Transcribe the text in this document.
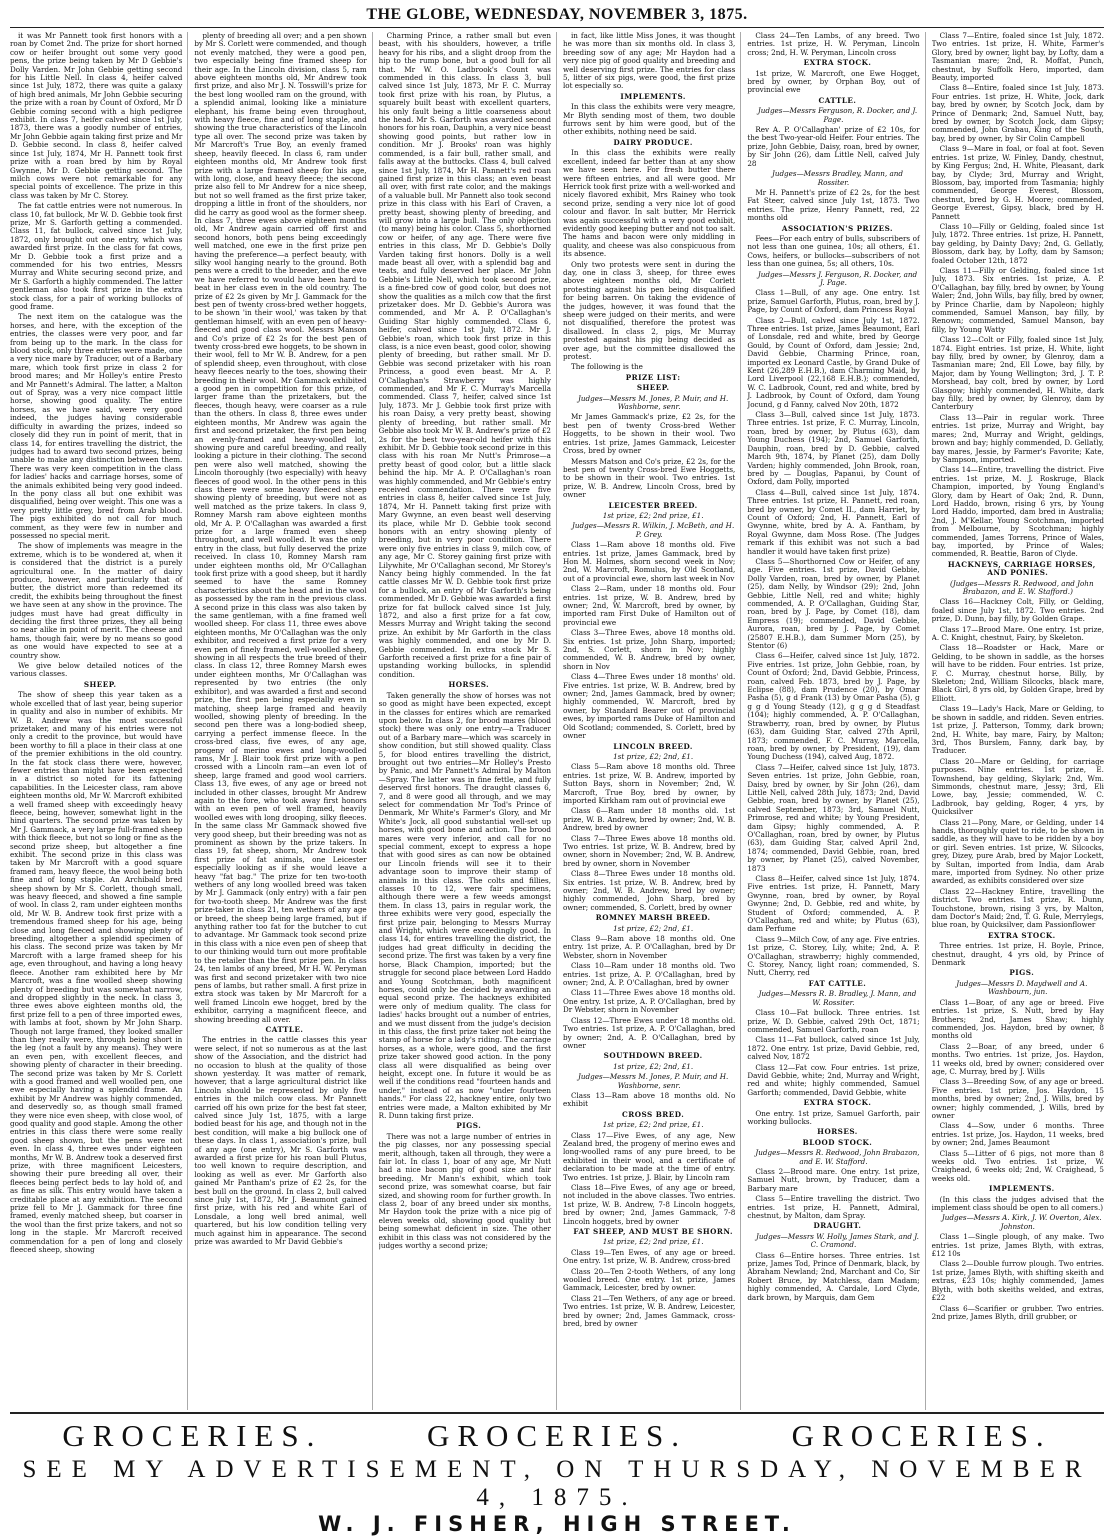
THE GLOBE, WEDNESDAY, NOVEMBER 3, 1875.

it was Mr Pannett took first honors with a roan by Comet 2nd. The prize for short horned cow or heifer brought out some very good pens, the prize being taken by Mr D Gebbie's Dolly Varden. Mr John Gebbie getting second for his Little Nell. In class 4, heifer calved since 1st July, 1872, there was quite a galaxy of high bred animals, Mr John Gebbie securing the prize with a roan by Count of Oxford, Mr D Gebbie coming second with a high pedigree exhibit. In class 7, heifer calved since 1st July, 1873, there was a goodly number of entries, Mr John Gebbie again taking first prize and Mr D. Gebbie second. In class 8, heifer calved since 1st July, 1874, Mr H. Pannett took first prize with a roan bred by him by Royal Gwynne, Mr D. Gebbie getting second. The milch cows were not remarkable for any special points of excellence. The prize in this class was taken by Mr C. Storey.

The fat cattle entries were not numerous. In class 10, fat bullock, Mr W. D. Gebbie took first prize, Mr S. Garforth getting a commended. Class 11, fat bullock, calved since 1st July, 1872, only brought out one entry, which was awarded first prize. In the class for fat cows, Mr D. Gebbie took a first prize and a commended for his two entries, Messrs Murray and White securing second prize, and Mr S. Garforth a highly commended. The latter gentleman also took first prize in the extra stock class, for a pair of working bullocks of good frame.

The next item on the catalogue was the horses, and here, with the exception of the entries, the classes were very poor, and far from being up to the mark. In the class for blood stock, only three entries were made, one a very nice mare by Traducer, out of a Barbary mare, which took first prize in class 2 for brood mares; and Mr Holley's entire Presto and Mr Pannett's Admiral. The latter, a Malton out of Spray, was a very nice compact little horse, showing good quality. The entire horses, as we have said, were very good indeed, the judges having considerable difficulty in awarding the prizes, indeed so closely did they run in point of merit, that in class 14, for entires travelling the district, the judges had to award two second prizes, being unable to make any distinction between them. There was very keen competition in the class for ladies' hacks and carriage horses, some of the animals exhibited being very good indeed. In the pony class all but one exhibit was disqualified, being over weight. This one was a very pretty little grey, bred from Arab blood. The pigs exhibited do not call for much comment, as they were few in number and possessed no special merit.

The show of implements was meagre in the extreme, which is to be wondered at, when it is considered that the district is a purely agricultural one. In the matter of dairy produce, however, and particularly that of butter, the district more than redeemed its credit, the exhibits being throughout the finest we have seen at any show in the province. The judges must have had great difficulty in deciding the first three prizes, they all being so near alike in point of merit. The cheese and hams, though fair, were by no means so good as one would have expected to see at a country show.

We give below detailed notices of the various classes.

SHEEP.

The show of sheep this year taken as a whole excelled that of last year, being superior in quality and also in number of exhibits. Mr W. B. Andrew was the most successful prizetaker, and many of his entries were not only a credit to the province, but would have been worthy to fill a place in their class at one of the premier exhibitions in the old country. In the fat stock class there were, however, fewer entries than might have been expected in a district so noted for its fattening capabilities. In the Leicester class, ram above eighteen months old, Mr W. Marcroft exhibited a well framed sheep with exceedingly heavy fleece, being, however, somewhat light in the hind quarters. The second prize was taken by Mr J. Gammack, a very large full-framed sheep with thick fleece, but not so long or fine as the second prize sheep, but altogether a fine exhibit. The second prize in this class was taken by Mr Marcroft with a good square framed ram, heavy fleece, the wool being both fine and of long staple. An Archibald bred sheep shown by Mr S. Corlett, though small, was heavy fleeced, and showed a fine sample of wool. In class 2, ram under eighteen months old, Mr W. B. Andrew took first prize with a tremendous framed sheep for his age, being close and long fleeced and showing plenty of breeding, altogether a splendid specimen of his class. The second prize was taken by Mr Marcroft with a large framed sheep for his age, even throughout, and having a long heavy fleece. Another ram exhibited here by Mr Marcroft, was a fine woolled sheep showing plenty of breeding but was somewhat narrow, and dropped slightly in the neck. In class 3, three ewes above eighteen months old, the first prize fell to a pen of three imported ewes, with lambs at foot, shown by Mr John Sharp. Though not large framed, they looked smaller than they really were, through being short in the leg (not a fault by any means). They were an even pen, with excellent fleeces, and showing plenty of character in their breeding. The second prize was taken by Mr S. Corlett with a good framed and well woolled pen, one ewe especially having a splendid frame. An exhibit by Mr Andrew was highly commended, and deservedly so, as though small framed they were nice even sheep, with close wool, of good quality and good staple. Among the other entries in this class there were some really good sheep shown, but the pens were not even. In class 4, three ewes under eighteen months, Mr W. B. Andrew took a deserved first prize, with three magnificent Leicesters, showing their pure breeding all over, their fleeces being perfect beds to lay hold of, and as fine as silk. This entry would have taken a creditable place at any exhibition. The second prize fell to Mr J. Gammack for three fine framed, evenly matched sheep, but coarser in the wool than the first prize takers, and not so long in the staple. Mr Marcroft received commendation for a pen of long and closely fleeced sheep, showing

plenty of breeding all over; and a pen shown by Mr S. Corlett were commended, and though not evenly matched, they were a good pen, two especially being fine framed sheep for their age. In the Lincoln division, class 5, ram above eighteen months old, Mr Andrew took first prize, and also Mr J. N. Tosswill's prize for the best long woolled ram on the ground, with a splendid animal, looking like a miniature elephant, his frame being even throughout, with heavy fleece, fine and of long staple, and showing the true characteristics of the Lincoln type all over. The second prize was taken by Mr Marcroft's True Boy, an evenly framed sheep, heavily fleeced. In class 6, ram under eighteen months old, Mr Andrew took first prize with a large framed sheep for his age, with long, close, and heavy fleece; the second prize also fell to Mr Andrew for a nice sheep, but not so well framed as the first prize taker, dropping a little in front of the shoulders, nor did he carry as good wool as the former sheep. In class 7, three ewes above eighteen months old, Mr Andrew again carried off first and second honors, both pens being exceedingly well matched, one ewe in the first prize pen having the preference—a perfect beauty, with silky wool hanging nearly to the ground. Both pens were a credit to the breeder, and the ewe we have referred to would have been hard to beat in her class even in the old country. The prize of £2 2s given by Mr J. Gammack for the best pen of twenty cross-bred wether hoggets, to be shown 'in their wool,' was taken by that gentleman himself, with an even pen of heavy-fleeced and good class wool. Messrs Manson and Co's prize of £2 2s for the best pen of twenty cross-bred ewe hoggets, to be shown in their wool, fell to Mr W. B. Andrew, for a pen of splendid sheep, even throughout, with close heavy fleeces nearly to the toes, showing their breeding in their wool. Mr Gammack exhibited a good pen in competition for this prize, of larger frame than the prizetakers, but the fleeces, though heavy, were coarser as a rule than the others. In class 8, three ewes under eighteen months, Mr Andrew was again the first and second prizetaker, the first pen being an evenly-framed and heavy-woolled lot, showing pure and careful breeding, and really looking a picture in their clothing. The second pen were also well matched, showing the Lincoln thoroughly (two especially) with heavy fleeces of good wool. In the other pens in this class there were some heavy fleeced sheep showing plenty of breeding, but were not as well matched as the prize takers. In class 9, Romney Marsh ram above eighteen months old, Mr A. P. O'Callaghan was awarded a first prize for a large framed even sheep throughout, and well woolled. It was the only entry in the class, but fully deserved the prize received. In class 10, Romney Marsh ram under eighteen months old, Mr O'Callaghan took first prize with a good sheep, but it hardly seemed to have the same Romney characteristics about the head and in the wool as possessed by the ram in the previous class. A second prize in this class was also taken by the same gentleman, with a fine framed well woolled sheep. For class 11, three ewes above eighteen months, Mr O'Callaghan was the only exhibitor, and received a first prize for a very even pen of finely framed, well-woolled sheep, showing in all respects the true breed of their class. In class 12, three Romney Marsh ewes under eighteen months, Mr O'Callaghan was represented by two entries (the only exhibitor), and was awarded a first and second prize, the first pen being especially even in matching, sheep large framed and heavily woolled, showing plenty of breeding. In the second pen there was a long-bodied sheep, carrying a perfect immense fleece. In the cross-bred class, five ewes, of any age, progeny of merino ewes and long-woolled rams, Mr J. Blair took first prize with a pen crossed with a Lincoln ram—an even lot of sheep, large framed and good wool carriers. Class 13, five ewes, of any age or breed not included in other classes, brought Mr Andrew again to the fore, who took away first honors with an even pen of well framed, heavily woolled ewes with long drooping, silky fleeces. In the same class Mr Gammack showed five very good sheep, but their breeding was not as prominent as shown by the prize takers. In class 19, fat sheep, shorn, Mr Andrew took first prize of fat animals, one Leicester especially looking as if she would leave a heavy "fat bag." The prize for ten two-tooth wethers of any long woolled breed was taken by Mr J. Gammack (only entry) with a fair pen for two-tooth sheep. Mr Andrew was the first prize-taker in class 21, ten wethers of any age or breed, the sheep being large framed, but if anything rather too fat for the butcher to cut to advantage. Mr Gammack took second prize in this class with a nice even pen of sheep that to our thinking would turn out more profitable to the retailer than the first prize pen. In class 24, ten lambs of any breed, Mr H. W. Peryman was first and second prizetaker with two nice pens of lambs, but rather small. A first prize in extra stock was taken by Mr Marcroft for a well framed Lincoln ewe hogget, bred by the exhibitor, carrying a magnificent fleece, and showing breeding all over.

CATTLE.

The entries in the cattle classes this year were select, if not so numerous as at the last show of the Association, and the district had no occasion to blush at the quality of those shown yesterday. It was matter of remark, however, that a large agricultural district like Lincoln should be represented by only five entries in the milch cow class. Mr Pannett carried off his own prize for the best fat steer, calved since July 1st, 1875, with a large bodied beast for his age, and though not in the best condition, will make a big bullock one of these days. In class 1, association's prize, bull of any age (one entry), Mr S. Garforth was awarded a first prize for his roan bull Plutus, too well known to require description, and looking as well as ever. Mr Garforth also gained Mr Pantham's prize of £2 2s, for the best bull on the ground. In class 2, bull calved since July 1st, 1872, Mr J. Beaumont gained first prize, with his red and white Earl of Lonsdale, a long well bred animal, well quartered, but his low condition telling very much against him in appearance. The second prize was awarded to Mr David Gebbie's

Charming Prince, a rather small but even beast, with his shoulders, however, a trifle heavy for his ribs, and a slight droop from the hip to the rump bone, but a good bull for all that. Mr W. O. Ladbrook's Count was commended in this class. In class 3, bull calved since 1st July, 1873, Mr F. C. Murray took first prize with his roan, by Plutus, a squarely built beast with excellent quarters, his only fault being a little coarseness about the head. Mr S. Garforth was awarded second honors for his roan, Dauphin, a very nice beast showing good points, but rather low in condition. Mr J. Brooks' roan was highly commended, is a fair bull, rather small, and falls away at the buttocks. Class 4, bull calved since 1st July, 1874, Mr H. Pannett's red roan gained first prize in this class; an even beast all over, with first rate color, and the makings of a valuable bull. Mr Pannett also took second prize in this class with his Earl of Craven, a pretty beast, showing plenty of breeding, and will grow into a large bull. The only objection (to many) being his color. Class 5, shorthorned cow or heifer, of any age. There were five entries in this class, Mr D. Gebbie's Dolly Varden taking first honors. Dolly is a well made beast all over, with a splendid bag and teats, and fully deserved her place. Mr John Gebbie's Little Nell, which took second prize, is a fine-bred cow of good color, but does not show the qualities as a milch cow that the first prizetaker does. Mr D. Gebbie's Aurora was commended, and Mr A. P. O'Callaghan's Guiding Star highly commended. Class 6, heifer, calved since 1st July, 1872. Mr J. Gebbie's roan, which took first prize in this class, is a nice even beast, good color, showing plenty of breeding, but rather small. Mr D. Gebbie was second prizetaker with his roan Princess, a good even beast. Mr A. P. O'Callaghan's Strawberry was highly commended, and Mr F. C. Murray's Marcella commended. Class 7, heifer, calved since 1st July, 1873. Mr J. Gebbie took first prize with his roan Daisy, a very pretty beast, showing plenty of breeding, but rather small. Mr Gebbie also took Mr W. B. Andrew's prize of £2 2s for the best two-year-old heifer with this exhibit. Mr D. Gebbie took second prize in this class with his roan Mr Nutt's Primrose—a pretty beast of good color, but a little slack behind the hip. Mr A. P. O'Callaghan's roan was highly commended, and Mr Gebbie's entry received commendation. There were five entries in class 8, heifer calved since 1st July, 1874, Mr H. Pannett taking first prize with Mary Gwynne, an even beast well deserving its place, while Mr D. Gebbie took second honors with an entry showing plenty of breeding, but in very poor condition. There were only five entries in class 9, milch cow, of any age, Mr C. Storey gaining first prize with Lilywhite, Mr O'Callaghan second, Mr Storey's Nancy being highly commended. In the fat cattle classes Mr W. D. Gebbie took first prize for a bullock, an entry of Mr Garforth's being commended. Mr D. Gebbie was awarded a first prize for fat bullock calved since 1st July, 1872, and also a first prize for a fat cow, Messrs Murray and Wright taking the second prize. An exhibit by Mr Garforth in the class was highly commended, and one by Mr D. Gebbie commended. In extra stock Mr S. Garforth received a first prize for a fine pair of upstanding working bullocks, in splendid condition.

HORSES.

Taken generally the show of horses was not so good as might have been expected, except in the classes for entires which are remarked upon below. In class 2, for brood mares (blood stock) there was only one entry—a Traducer out of a Barbary mare—which was scarcely in show condition, but still showed quality. Class 5, for blood entires travelling the district, brought out two entries—Mr Holley's Presto by Panic, and Mr Pannett's Admiral by Malton—Spray. The latter was in fine fettle, and fully deserved first honors. The draught classes 6, 7, and 8 were good all through, and we may select for commendation Mr Tod's Prince of Denmark, Mr White's Farmer's Glory, and Mr White's Jock, all good substantial well-set up horses, with good bone and action. The brood mares were very inferior, and call for no special comment, except to express a hope that with good sires as can now be obtained our Lincoln friends will see it to their advantage soon to improve their stamp of animals in this class. The colts and fillies, classes 10 to 12, were fair specimens, although there were a few weeds amongst them. In class 13, pairs in regular work, the three exhibits were very good, especially the first prize pair, belonging to Messrs Murray and Wright, which were exceedingly good. In class 14, for entires travelling the district, the judges had great difficulty in deciding the second prize. The first was taken by a very fine horse, Black Champion, imported; but the struggle for second place between Lord Haddo and Young Scotchman, both magnificent horses, could only be decided by awarding an equal second prize. The hackneys exhibited were only of medium quality. The class for ladies' hacks brought out a number of entries, and we must dissent from the judge's decision in this class, the first prize taker not being the stamp of horse for a lady's riding. The carriage horses, as a whole, were good, and the first prize taker showed good action. In the pony class all were disqualified as being over height, except one. In future it would be as well if the conditions read "fourteen hands and under," instead of as now "under fourteen hands." For class 22, hackney entire, only two entries were made, a Malton exhibited by Mr R. Dunn taking first prize.

PIGS.

There was not a large number of entries in the pig classes, nor any possessing special merit, although, taken all through, they were a fair lot. In class 1, boar of any age, Mr Nutt had a nice bacon pig of good size and fair breeding. Mr Mann's exhibit, which took second prize, was somewhat coarse, but fair sized, and showing room for further growth. In class 2, boar of any breed under six months, Mr Haydon took the prize with a nice pig of eleven weeks old, showing good quality but being somewhat deficient in size. The other exhibit in this class was not considered by the judges worthy a second prize;

in fact, like little Miss Jones, it was thought he was more than six months old. In class 3, breeding sow of any age; Mr Haydon had a very nice pig of good quality and breeding and well deserving first prize. The entries for class 5, litter of six pigs, were good, the first prize lot especially so.

IMPLEMENTS.

In this class the exhibits were very meagre, Mr Blyth sending most of them, two double furrows sent by him were good, but of the other exhibits, nothing need be said.

DAIRY PRODUCE.

In this class the exhibits were really excellent, indeed far better than at any show we have seen here. For fresh butter there were fifteen entries, and all were good. Mr Herrick took first prize with a well-worked and nicely flavored exhibit, Mrs Rainey who took second prize, sending a very nice lot of good colour and flavor. In salt butter, Mr Herrick was again successful with a very good exhibit, evidently good keeping butter and not too salt. The hams and bacon were only middling in quality, and cheese was also conspicuous from its absence.

Only two protests were sent in during the day, one in class 3, sheep, for three ewes above eighteen months old, Mr Corlett protesting against his pen being disqualified for being barren. On taking the evidence of the judges, however, it was found that the sheep were judged on their merits, and were not disqualified, therefore the protest was disallowed. In class 2, pigs, Mr Murray protested against his pig being decided as over age, but the committee disallowed the protest.

The following is the

PRIZE LIST:

SHEEP.

Judges—Messrs M. Jones, P. Muir, and H. Washborne, senr.

Mr James Gammack's prize, £2 2s, for the best pen of twenty Cross-bred Wether Hoggetts, to be shown in their wool. Two entries. 1st prize, James Gammack, Leicester Cross, bred by owner

Messrs Matson and Co's prize, £2 2s, for the best pen of twenty Cross-bred Ewe Hoggetts, to be shown in their wool. Two entries. 1st prize, W. B. Andrew, Lincoln Cross, bred by owner

LEICESTER BREED.

1st prize, £2; 2nd prize, £1.

Judges—Messrs R. Wilkin, J. McBeth, and H. P. Grey.

Class 1—Ram above 18 months old. Five entries. 1st prize, James Gammack, bred by Hon M. Holmes, shorn second week in Nov; 2nd, W. Marcroft, Romulus, by Old Scotland, out of a provincial ewe, shorn last week in Nov

Class 2—Ram, under 18 months old. Four entries. 1st prize, W. B. Andrew, bred by owner; 2nd, W. Marcroft, bred by owner, by imported ram First Duke of Hamilton out of provincial ewe

Class 3—Three Ewes, above 18 months old. Six entries. 1st prize, John Sharp, imported; 2nd, S. Corlett, shorn in Nov; highly commended, W. B. Andrew, bred by owner, shorn in Nov

Class 4—Three Ewes under 18 months' old. Five entries. 1st prize, W. B. Andrew, bred by owner; 2nd, James Gammack, bred by owner; highly commended, W. Marcroft, bred by owner, by Standard Bearer out of provincial ewes, by imported rams Duke of Hamilton and Old Scotland; commended, S. Corlett, bred by owner

LINCOLN BREED.

1st prize, £2; 2nd, £1.

Class 5—Ram above 18 months old. Three entries. 1st prize, W. B. Andrew, imported by Sutton Bays, shorn in November; 2nd, W. Marcroft, True Boy, bred by owner, by imported Kirkham ram out of provincial ewe

Class 6—Ram under 18 months old. 1st prize, W. B. Andrew, bred by owner; 2nd, W. B. Andrew, bred by owner

Class 7—Three Ewes above 18 months old. Two entries. 1st prize, W. B. Andrew, bred by owner, shorn in November; 2nd, W. B. Andrew, bred by owner, shorn in November

Class 8—Three Ewes under 18 months old. Six entries. 1st prize, W. B. Andrew, bred by owner; 2nd, W. B. Andrew, bred by owner; highly commended, John Sharp, bred by owner; commended, S. Corlett, bred by owner

ROMNEY MARSH BREED.

1st prize, £2; 2nd, £1.

Class 9—Ram above 18 months old. One entry. 1st prize, A. P. O'Callaghan, bred by Dr Webster, shorn in November

Class 10—Ram under 18 months old. Two entries. 1st prize, A. P. O'Callaghan, bred by owner; 2nd, A. P. O'Callaghan, bred by owner

Class 11—Three Ewes above 18 months old. One entry. 1st prize, A. P. O'Callaghan, bred by Dr Webster, shorn in November

Class 12—Three Ewes under 18 months old. Two entries. 1st prize, A. P. O'Callaghan, bred by owner; 2nd, A. P. O'Callaghan, bred by owner

SOUTHDOWN BREED.

1st prize, £2; 2nd, £1.

Judges—Messrs M. Jones, P. Muir, and H. Washborne, senr.

Class 13—Ram above 18 months old. No exhibit

CROSS BRED.

1st prize, £2; 2nd prize, £1.

Class 17—Five Ewes, of any age, New Zealand bred, the progeny of merino ewes and long-woolled rams of any pure breed, to be exhibited in their wool, and a certificate of declaration to be made at the time of entry. Two entries. 1st prize, J. Blair, by Lincoln ram

Class 18—Five Ewes, of any age or breed, not included in the above classes. Two entries. 1st prize, W. B. Andrew, 7-8 Lincoln hoggets, bred by owner; 2nd, James Gammack, 7-8 Lincoln hoggets, bred by owner

FAT SHEEP, AND MUST BE SHORN.

1st prize, £2; 2nd prize, £1.

Class 19—Ten Ewes, of any age or breed. One entry. 1st prize, W. B. Andrew, cross-bred

Class 20—Ten 2-tooth Wethers, of any long woolled breed. One entry. 1st prize, James Gammack, Leicester, bred by owner.

Class 21—Ten Wethers, of any age or breed. Two entries. 1st prize, W. B. Andrew, Leicester, bred by owner; 2nd, James Gammack, cross-bred, bred by owner

Class 24—Ten Lambs, of any breed. Two entries. 1st prize, H. W. Peryman, Lincoln cross; 2nd, H. W. Peryman, Lincoln cross

EXTRA STOCK.

1st prize, W. Marcroft, one Ewe Hogget, bred by owner, by Orphan Boy, out of provincial ewe

CATTLE.

Judges—Messrs Ferguson, R. Docker, and J. Page.

Rev A. P. O'Callaghan' prize of £2 10s, for the best Two-year-old Heifer. Four entries. The prize, John Gebbie, Daisy, roan, bred by owner, by Sir John (26), dam Little Nell, calved July 28

Judges—Messrs Bradley, Mann, and Rossiter.

Mr H. Pannett's prize of £2 2s, for the best Fat Steer, calved since July 1st, 1873. Two entries. The prize, Henry Pannett, red, 22 months old

ASSOCIATION'S PRIZES.

Fees—For each entry of bulls, subscribers of not less than one guinea, 10s; all others, £1. Cows, heifers, or bullocks—subscribers of not less than one guinea, 5s; all others, 10s.

Judges—Messrs J. Ferguson, R. Docker, and J. Page.

Class 1—Bull, of any age. One entry. 1st prize, Samuel Garforth, Plutus, roan, bred by J. Page, by Count of Oxford, dam Princess Royal

Class 2—Bull, calved since July 1st, 1872. Three entries. 1st prize, James Beaumont, Earl of Lonsdale, red and white, bred by George Gould, by Count of Oxford, dam Jessie; 2nd, David Gebbie, Charming Prince, roan, imported ex Leonard Castle, by Grand Duke of Kent (26,289 E.H.B.), dam Charming Maid, by Lord Liverpool (22,168 E.H.B.); commended, W. C. Ladbrook, Count, red and white, bred by J. Ladbrook, by Count of Oxford, dam Young Jocund, g d Fanny, calved Nov 20th, 1872

Class 3—Bull, calved since 1st July, 1873. Three entries. 1st prize, F. C. Murray, Lincoln, roan, bred by owner, by Plutus (63), dam Young Duchess (194); 2nd, Samuel Garforth, Dauphin, roan, bred by D. Gebbie, calved March 9th, 1874, by Planet (25), dam Dolly Varden; highly commended, John Brook, roan, bred by — Douglas, Papanui, by Count of Oxford, dam Polly, imported

Class 4—Bull, calved since 1st July, 1874. Three entries. 1st prize, H. Pannett, red roan, bred by owner, by Comet II., dam Harriet, by Count of Oxford; 2nd, H. Pannett, Earl of Gwynne, white, bred by A. A. Fantham, by Royal Gwynne, dam Moss Rose. (The Judges remark if this exhibit was not such a bad handler it would have taken first prize)

Class 5—Shorthorned Cow or Heifer, of any age. Five entries. 1st prize, David Gebbie, Dolly Varden, roan, bred by owner, by Planet (25), dam Nelly, by Windsor (29); 2nd, John Gebbie, Little Nell, red and white; highly commended, A. P. O'Callaghan, Guiding Star, roan, bred by J. Page, by Comet (18), dam Empress (19); commended, David Gebbie, Aurora, roan, bred by J. Page, by Comet (25807 E.H.B.), dam Summer Morn (25), by Stentor (6)

Class 6—Heifer, calved since 1st July, 1872. Five entries. 1st prize, John Gebbie, roan, by Count of Oxford; 2nd, David Gebbie, Princess, roan, calved Feb. 1873, bred by J. Page, by Eclipse (88), dam Prudence (20), by Omar Pasha (5), g d Frank (13) by Omar Pasha (5), g g g d Young Steady (12), g g g d Steadfast (104); highly commended, A. P. O'Callaghan, Strawberry, roan, bred by owner, by Plutus (63), dam Guiding Star, calved 27th April, 1873; commended, F. C. Murray, Marcella, roan, bred by owner, by President, (19), dam Young Duchess (194), calved Aug, 1872.

Class 7—Heifer, calved since 1st July, 1873. Seven entries. 1st prize, John Gebbie, roan, Daisy, bred by owner, by Sir John (26), dam Little Nell, calved 28th July, 1873; 2nd, David Gebbie, roan, bred by owner, by Planet (25), calved September, 1873; 3rd, Samuel Nutt, Primrose, red and white; by Young President, dam Gipsy; highly commended, A. P. O'Callaghan, roan, bred by owner, by Plutus (63), dam Guiding Star, calved April 2nd, 1874; commended, David Gebbie, roan, bred by owner, by Planet (25), calved November, 1873

Class 8—Heifer, calved since 1st July, 1874. Five entries. 1st prize, H. Pannett, Mary Gwynne, roan, bred by owner, by Royal Gwynne; 2nd, D. Gebbie, red and white, by Student of Oxford; commended, A. P. O'Callaghan, red and white; by Plutus (63), dam Perfume

Class 9—Milch Cow, of any age. Five entries. 1st prize, C. Storey, Lily, white; 2nd, A. P. O'Callaghan, strawberry; highly commended, C. Storey, Nancy, light roan; commended, S. Nutt, Cherry, red

FAT CATTLE.

Judges—Messrs R. B. Bradley, J. Mann, and W. Rossiter.

Class 10—Fat bullock. Three entries. 1st prize, W. D. Gebbie, calved 29th Oct, 1871; commended, Samuel Garforth, roan

Class 11—Fat bullock, calved since 1st July, 1872. One entry. 1st prize, David Gebbie, red, calved Nov, 1872

Class 12—Fat cow. Four entries. 1st prize, David Gebbie, white; 2nd, Murray and Wright, red and white; highly commended, Samuel Garforth; commended, David Gebbie, white

EXTRA STOCK.

One entry. 1st prize, Samuel Garforth, pair working bullocks.

HORSES.

BLOOD STOCK.

Judges—Messrs R. Redwood, John Brabazon, and E. W. Stafford.

Class 2—Brood mare. One entry. 1st prize, Samuel Nutt, brown, by Traducer, dam a Barbary mare

Class 5—Entire travelling the district. Two entries. 1st prize, H. Pannett, Admiral, chestnut, by Malton, dam Spray.

DRAUGHT.

Judges—Messrs W. Holly, James Stark, and J. C. Cramond.

Class 6—Entire horses. Three entries. 1st prize, James Tod, Prince of Denmark, black, by Abraham Newland; 2nd, Marchant and Co, Sir Robert Bruce, by Matchless, dam Madam; highly commended, A. Cardale, Lord Clyde, dark brown, by Marquis, dam Gem

Class 7—Entire, foaled since 1st July, 1872. Two entries. 1st prize, H. White, Farmer's Glory, bred by owner, light bay, by Lofty, dam a Tasmanian mare; 2nd, R. Moffat, Punch, chestnut, by Suffolk Hero, imported, dam Beauty, imported

Class 8—Entire, foaled since 1st July, 1873. Four entries. 1st prize, H. White, Jock, dark bay, bred by owner, by Scotch Jock, dam by Prince of Denmark; 2nd, Samuel Nutt, bay, bred by owner, by Scotch Jock, dam Gipsy; commended, John Grabau, King of the South, bay, bred by owner, by Sir Colin Campbell

Class 9—Mare in foal, or foal at foot. Seven entries. 1st prize, W. Finley, Dandy, chestnut, by King Fergus; 2nd, H. White, Pleasant, dark bay, by Clyde; 3rd, Murray and Wright, Blossom, bay, imported from Tasmania; highly commended, George Everest, Blossom, chestnut, bred by G. H. Moore; commended, George Everest, Gipsy, black, bred by H. Pannett

Class 10—Filly or Gelding, foaled since 1st July, 1872. Three entries. 1st prize, H. Pannett, bay gelding, by Dainty Davy; 2nd, G. Gellatly, Blossom, dark bay, by Lofty, dam by Samson; foaled October 12th, 1872

Class 11—Filly or Gelding, foaled since 1st July, 1873. Six entries. 1st prize, A. P. O'Callaghan, bay filly, bred by owner, by Young Waler; 2nd, John Wills, bay filly, bred by owner, by Prince Charlie, dam by Napoleon; highly commended, Samuel Manson, bay filly, by Renown; commended, Samuel Manson, bay filly, by Young Watty

Class 12—Colt or Filly, foaled since 1st July, 1874. Eight entries. 1st prize, H. White, light bay filly, bred by owner, by Glenroy, dam a Tasmanian mare; 2nd, Ell Lowe, bay filly, by Major, dam by Young Wellington; 3rd, J. T. P. Morshead, bay colt, bred by owner, by Lord Glasgow; highly commended, H. White, dark bay filly, bred by owner, by Glenroy, dam by Canterbury

Class 13—Pair in regular work. Three entries. 1st prize, Murray and Wright, bay mares; 2nd, Murray and Wright, geldings, brown and bay; highly commended, D. Gellatly, bay mares, Jessie, by Farmer's Favorite; Kate, by Sampson, imported.

Class 14—Entire, travelling the district. Five entries. 1st prize, M. J. Roskruge, Black Champion, imported, by Young England's Glory, dam by Heart of Oak; 2nd, R. Dunn, Lord Haddo, brown, rising 6 yrs, by Young Lord Haddo, imported, dam bred in Australia; 2nd, J. M'Kellar, Young Scotchman, imported from Melbourne, by Scotchman; highly commended, James Torrens, Prince of Wales, bay, imported, by Prince of Wales; commended, R. Beattie, Baron of Clyde.

HACKNEYS, CARRIAGE HORSES, AND PONIES.

(Judges—Messrs R. Redwood, and John Brabazon, and E. W. Stafford.)

Class 16—Hackney Colt, Filly, or Gelding, foaled since July 1st, 1872. Two entries. 2nd prize, D. Dunn, bay filly, by Golden Grape.

Class 17—Brood Mare. One entry. 1st prize, A. C. Knight, chestnut, Fairy, by Skeleton.

Class 18—Roadster or Hack, Mare or Gelding, to be shown in saddle, as the horses will have to be ridden. Four entries. 1st prize, F. C. Murray, chestnut horse, Billy, by Skeleton; 2nd, William Silcocks, black mare, Black Girl, 8 yrs old, by Golden Grape, bred by Elliott.

Class 19—Lady's Hack, Mare or Gelding, to be shown in saddle, and ridden. Seven entries. 1st prize, J. Patterson, Tommy, dark brown; 2nd, H. White, bay mare, Fairy, by Malton; 3rd, Thos Burslem, Fanny, dark bay, by Traducer.

Class 20—Mare or Gelding, for carriage purposes. Nine entries. 1st prize, E. Townshend, bay gelding, Skylark; 2nd, Wm. Simmonds, chestnut mare, Jessy; 3rd, Eli Lowe, bay, Jessie; commended, W. C. Ladbrook, bay gelding, Roger, 4 yrs, by Quicksilver

Class 21—Pony, Mare, or Gelding, under 14 hands, thoroughly quiet to ride, to be shown in saddle, as they will have to be ridden by a boy or girl. Seven entries. 1st prize, W. Silcocks, grey, Dizey, pure Arab, bred by Major Lockett, by Sultan, imported from India, dam Arab mare, imported from Sydney. No other prize awarded, as exhibits considered over size

Class 22—Hackney Entire, travelling the district. Two entries. 1st prize, R. Dunn, Touchstone, brown, rising 3 yrs, by Malton, dam Doctor's Maid; 2nd, T. G. Rule, Merrylegs, blue roan, by Quicksilver, dam Passionflower

EXTRA STOCK.

Three entries. 1st prize, H. Boyle, Prince, chestnut, draught, 4 yrs old, by Prince of Denmark

PIGS.

Judges—Messrs D. Maydwell and A. Washbourn, jun.

Class 1—Boar, of any age or breed. Five entries. 1st prize, S. Nutt, bred by Hay Brothers; 2nd, James Shaw; highly commended, Jos. Haydon, bred by owner, 8 months old

Class 2—Boar, of any breed, under 6 months. Two entries. 1st prize, Jos. Haydon, 11 weeks old, bred by owner; considered over age, C. Murray, bred by J. Wills

Class 3—Breeding Sow, of any age or breed. Five entries. 1st prize, Jos. Haydon, 15 months, bred by owner; 2nd, J. Wills, bred by owner; highly commended, J. Wills, bred by owner

Class 4—Sow, under 6 months. Three entries. 1st prize, Jos. Haydon, 11 weeks, bred by owner; 2nd, James Beaumont

Class 5—Litter of 6 pigs, not more than 8 weeks old. Two entries. 1st prize, W. Craighead, 6 weeks old; 2nd, W. Craighead, 5 weeks old.

IMPLEMENTS.

(In this class the judges advised that the implement class should be open to all comers.)

Judges—Messrs A. Kirk, J. W. Overton, Alex. Johnston.

Class 1—Single plough, of any make. Two entries. 1st prize, James Blyth, with extras, £12 10s

Class 2—Double furrow plough. Two entries. 1st prize, James Blyth, with shifting skeith and extras, £23 10s; highly commended, James Blyth, with both skeiths welded, and extras, £22

Class 6—Scarifier or grubber. Two entries. 2nd prize, James Blyth, drill grubber, or

GROCERIES.	GROCERIES.	GROCERIES.
SEE MY ADVERTISEMENT, ON THURSDAY, NOVEMBER 4, 1875.
W. J. FISHER, HIGH STREET.
